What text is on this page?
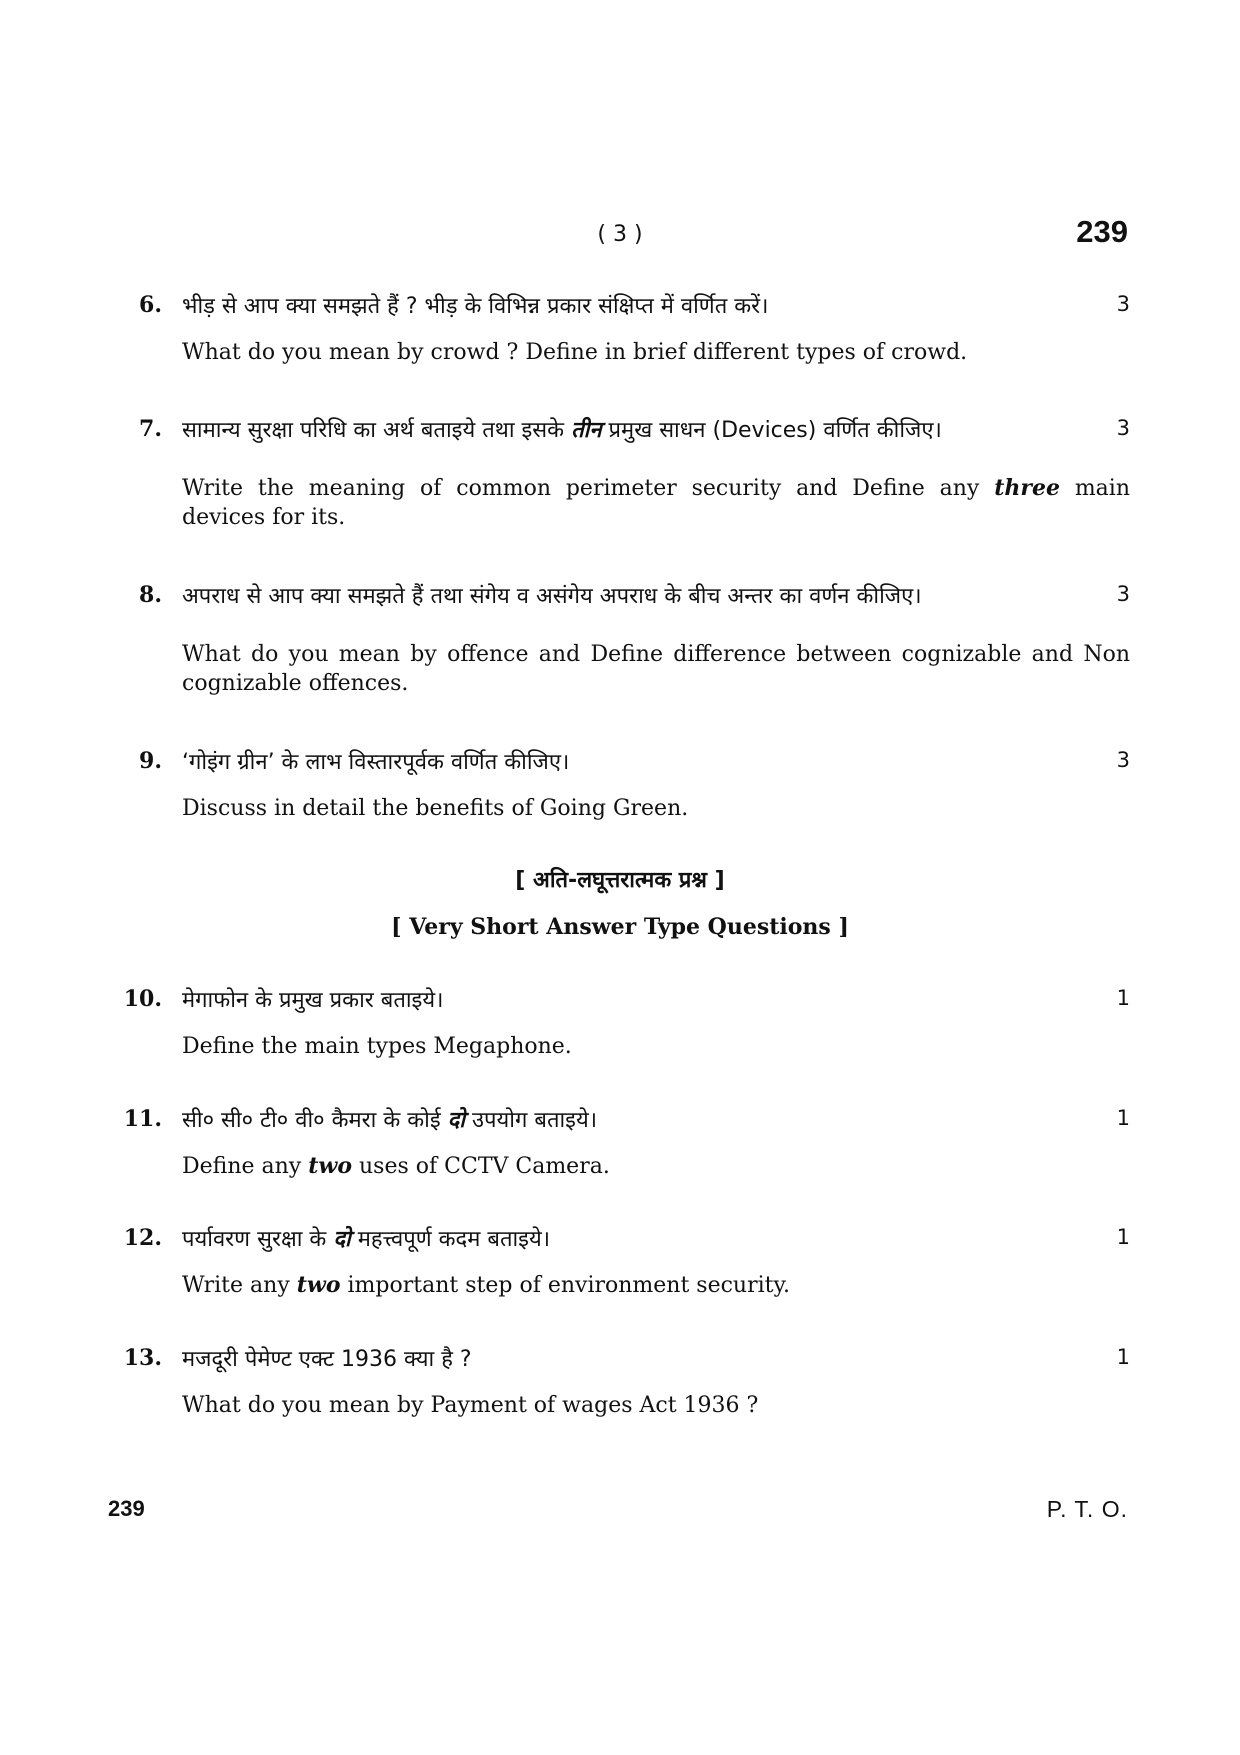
( 3 )	239
6. भीड़ से आप क्या समझते हैं ? भीड़ के विभिन्न प्रकार संक्षिप्त में वर्णित करें।	3
What do you mean by crowd ? Define in brief different types of crowd.
7. सामान्य सुरक्षा परिधि का अर्थ बताइये तथा इसके तीन प्रमुख साधन (Devices) वर्णित कीजिए।	3
Write the meaning of common perimeter security and Define any three main devices for its.
8. अपराध से आप क्या समझते हैं तथा संगेय व असंगेय अपराध के बीच अन्तर का वर्णन कीजिए।	3
What do you mean by offence and Define difference between cognizable and Non cognizable offences.
9. ‘गोइंग ग्रीन’ के लाभ विस्तारपूर्वक वर्णित कीजिए।	3
Discuss in detail the benefits of Going Green.
[ अति-लघूत्तरात्मक प्रश्न ]
[ Very Short Answer Type Questions ]
10. मेगाफोन के प्रमुख प्रकार बताइये।	1
Define the main types Megaphone.
11. सी० सी० टी० वी० कैमरा के कोई दो उपयोग बताइये।	1
Define any two uses of CCTV Camera.
12. पर्यावरण सुरक्षा के दो महत्त्वपूर्ण कदम बताइये।	1
Write any two important step of environment security.
13. मजदूरी पेमेण्ट एक्ट 1936 क्या है ?	1
What do you mean by Payment of wages Act 1936 ?
239	P. T. O.
